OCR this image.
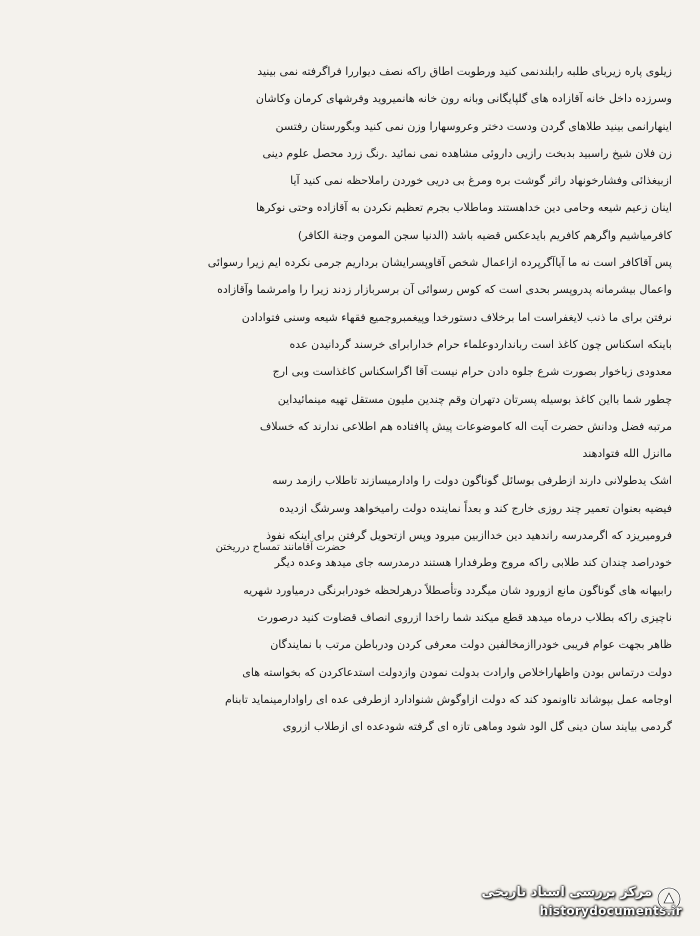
زیلوی پاره زیربای طلبه رابلندنمی کنید ورطوبت اطاق راکه نصف دیواررا فراگرفته نمی بینید
وسرزده داخل خانه آقازاده های گلپایگانی وبانه رون خانه هانمیروید وفرشهای کرمان وکاشان
اینهارانمی بینید طلاهای گردن ودست دختر وعروسهارا وزن نمی کنید وبگورستان رفتسن
زن فلان شیخ راسبید بدبخت رازیی داروئی مشاهده نمی نمائید .رنگ زرد محصل علوم دینی
ازبیغذائی وفشارخونهاد راثر گوشت بره ومرغ بی دریی خوردن راملاحظه نمی کنید آیا
اینان زعیم شیعه وحامی دین خداهستند وماطلاب بجرم تعظیم نکردن به آقازاده وحتی نوکرها
کافرمیاشیم واگرهم کافریم بایدعکس قضیه باشد (الدنیا سجن المومن وجنة الکافر)
پس آقاکافر است نه ما آیاآگرپرده ازاعمال شخص آقاوپسرایشان برداریم جرمی نکرده ایم زیرا رسوائی
واعمال بیشرمانه پدروپسر بحدی است که کوس رسوائی آن برسربازار زدند زیرا را وامرشما وآقازاده
نرفتن برای ما ذنب لایغفراست اما برخلاف دستورخدا وپیغمبروجمیع فقهاء شیعه وسنی فتوادادن
باینکه اسکناس چون کاغذ است ربانداردوعلماء حرام خدارابرای خرسند گردانیدن عده
معدودی زباخوار بصورت شرع جلوه دادن حرام نیست آقا اگراسکناس کاغذاست وبی ارج
چطور شما بااین کاغذ بوسیله پسرتان دتهران وقم چندین ملیون مستقل تهیه مینمائیداین
مرتبه فضل ودانش حضرت آیت اله کاموضوعات پیش پاافتاده هم اطلاعی ندارند که خسلاف
ماانزل الله فتوادهند
اشک یدطولانی دارند ازطرفی بوسائل گوناگون دولت را وادارمیسازند تاطلاب رازمد رسه
فیضیه بعنوان تعمیر چند روزی خارج کند و بعداً نماینده دولت رامیخواهد وسرشگ ازدیده
فرومیریزد که اگرمدرسه راندهید دین خداازبین میرود وپس ازتحویل گرفتن برای اینکه نفوذ
خودراصد چندان کند طلابی راکه مروج وطرفدارا هستند درمدرسه جای میدهد وعده دیگر
رابیهانه های گوناگون مانع ازورود شان میگردد وتأصطلاً درهرلحظه خودرابرنگی درمیاورد شهریه
ناچیزی راکه بطلاب درماه میدهد قطع میکند شما راخدا ازروی انصاف قضاوت کنید درصورت
ظاهر بجهت عوام فریبی خودراازمخالفین دولت معرفی کردن ودرباطن مرتب با نمایندگان
دولت درتماس بودن واظهاراخلاص وارادت بدولت نمودن وازدولت استدعاکردن که بخواسته های
اوجامه عمل بپوشاند تااونمود کند که دولت ازاوگوش شنوادارد ازطرفی عده ای راوادارمینماید تابنام
گردمی بیایند سان دینی گل الود شود وماهی تازه ای گرفته شودعده ای ازطلاب ازروی
حضرت آقامانند تمساح درریختن
مرکز بررسی اسناد تاریخی
historydocuments.ir
